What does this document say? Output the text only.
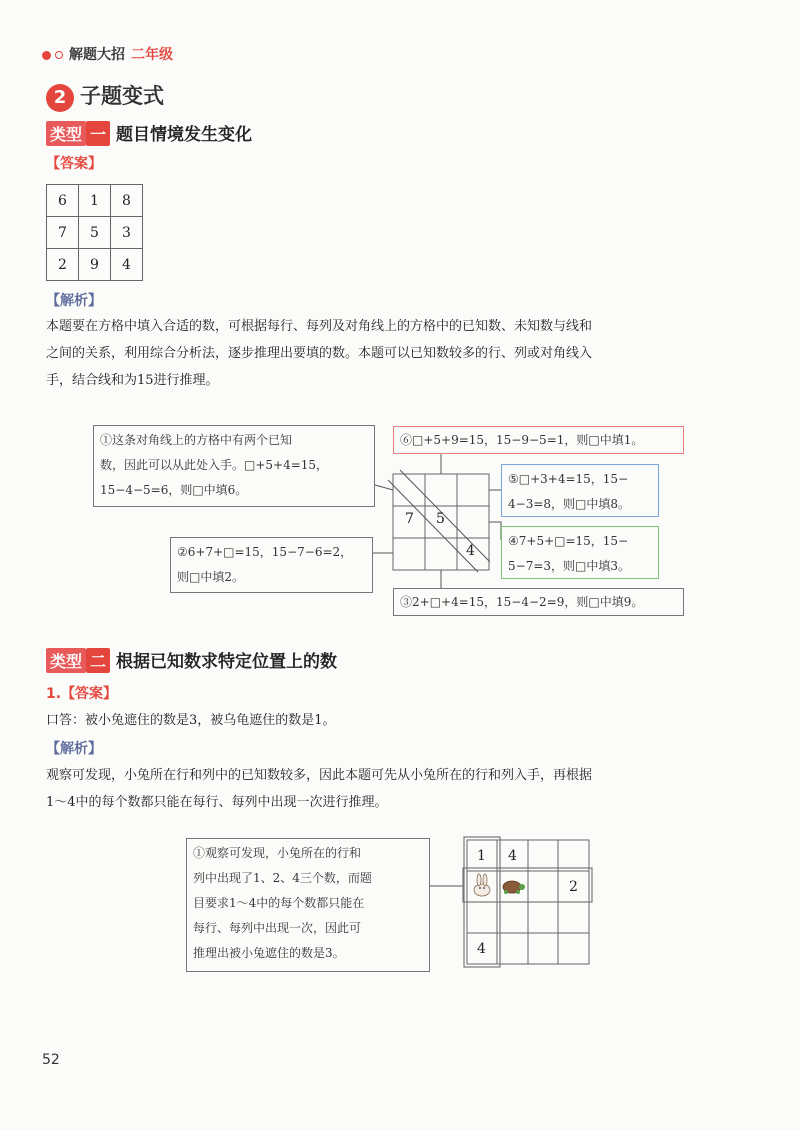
解题大招 二年级
2 子题变式
类型 一 题目情境发生变化
【答案】
6	1	8
7	5	3
2	9	4
【解析】
本题要在方格中填入合适的数，可根据每行、每列及对角线上的方格中的已知数、未知数与线和
之间的关系，利用综合分析法，逐步推理出要填的数。本题可以已知数较多的行、列或对角线入
手，结合线和为15进行推理。
7 5
4
①这条对角线上的方格中有两个已知
数，因此可以从此处入手。□+5+4=15，
15−4−5=6，则□中填6。
②6+7+□=15，15−7−6=2，
则□中填2。
③2+□+4=15，15−4−2=9，则□中填9。
④7+5+□=15，15−
5−7=3，则□中填3。
⑤□+3+4=15，15−
4−3=8，则□中填8。
⑥□+5+9=15，15−9−5=1，则□中填1。
类型 二 根据已知数求特定位置上的数
1.【答案】
口答：被小兔遮住的数是3，被乌龟遮住的数是1。
【解析】
观察可发现，小兔所在行和列中的已知数较多，因此本题可先从小兔所在的行和列入手，再根据
1～4中的每个数都只能在每行、每列中出现一次进行推理。
①观察可发现，小兔所在的行和
列中出现了1、2、4三个数，而题
目要求1～4中的每个数都只能在
每行、每列中出现一次，因此可
推理出被小兔遮住的数是3。
1 4
2
4
52
